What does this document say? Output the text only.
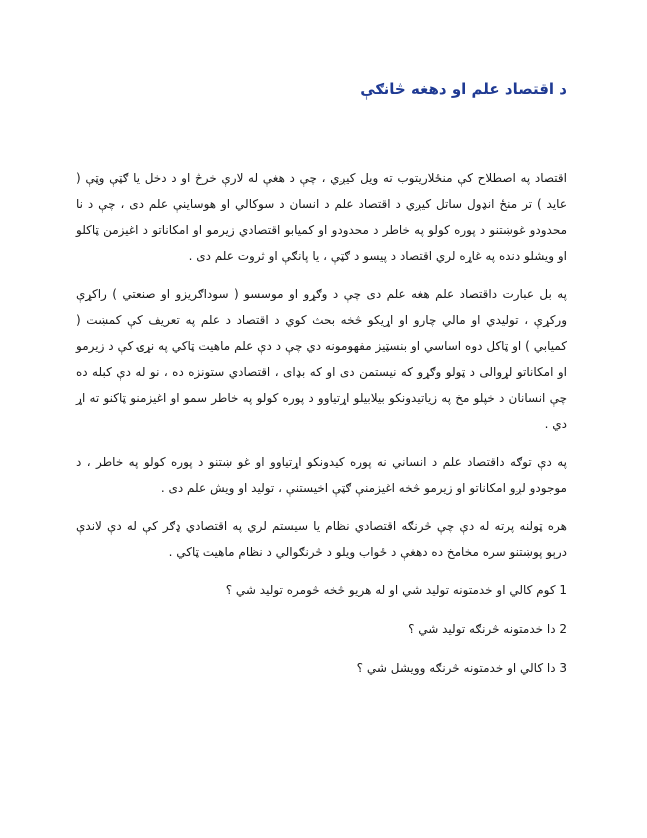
د اقتصاد علم او دهغه څانګې

اقتصاد په اصطلاح کې منځلاريتوب ته ويل کيږي ، چې د هغې له لارې خرڅ او د دخل يا ګټې وټې ( عايد ) تر منځ انډول ساتل کيږي د اقتصاد علم د انسان د سوکالي او هوساينې علم دی ، چې د نا محدودو غوښتنو د پوره کولو په خاطر د محدودو او کميابو اقتصادي زيرمو او امکاناتو د اغيزمن ټاکلو او ويشلو دنده په غاړه لري اقتصاد د پيسو د ګټې ، يا پانګې او ثروت علم دی .

په بل عبارت داقتصاد علم هغه علم دی چې د وګړو او موسسو ( سوداګريزو او صنعتي ) راکړې ورکړې ، توليدي او مالي چارو او اړيکو څخه بحث کوي د اقتصاد د علم په تعريف کې کمښت ( کميابي ) او ټاکل دوه اساسي او بنسټيز مفهومونه دي چې د دې علم ماهيت ټاکي په نړۍ کې د زيرمو او امکاناتو لړوالی د ټولو وګړو که نيستمن دی او که بډای ، اقتصادي ستونزه ده ، نو له دې کبله ده چې انسانان د خپلو مخ په زياتيدونکو بيلابيلو اړتياوو د پوره کولو په خاطر سمو او اغيزمنو ټاکنو ته اړ دي .

په دې توګه داقتصاد علم د انساني نه پوره کيدونکو اړتياوو او غو ښتنو د پوره کولو په خاطر ، د موجودو لږو امکاناتو او زيرمو څخه اغيزمنې ګټې اخيستنې ، توليد او ويش علم دی .

هره ټولنه پرته له دې چې څرنګه اقتصادي نظام يا سيستم لري په اقتصادي ډګر کې له دې لاندې درېو پوښتنو سره مخامخ ده دهغې د ځواب ويلو د څرنګوالي د نظام ماهيت ټاکي .

1 کوم کالي او خدمتونه توليد شي او له هريو څخه څومره توليد شي ؟

2 دا خدمتونه څرنګه توليد شي ؟

3 دا کالي او خدمتونه څرنګه وويشل شي ؟
